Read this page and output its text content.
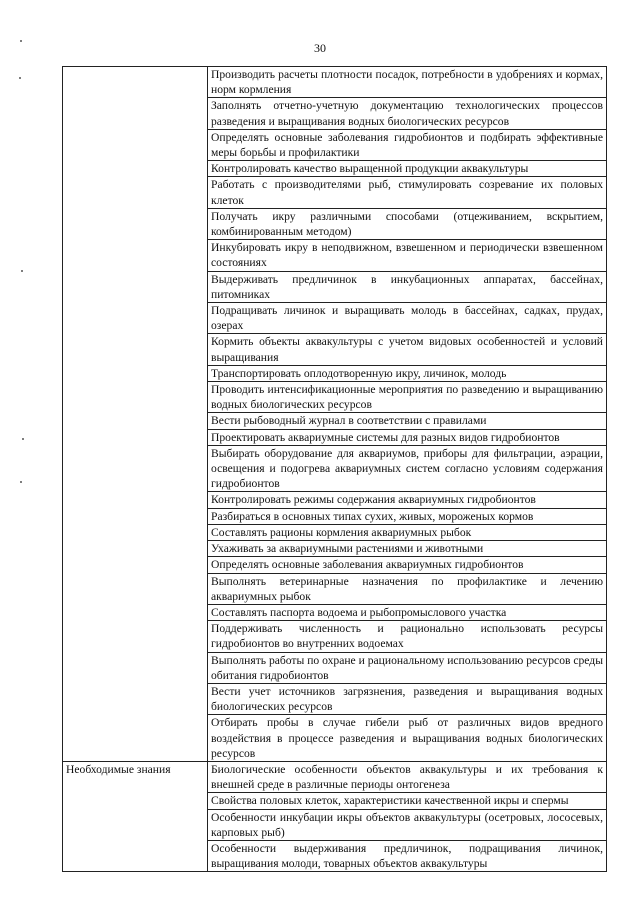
30
	Производить расчеты плотности посадок, потребности в удобрениях и кормах, норм кормления
	Заполнять отчетно-учетную документацию технологических процессов разведения и выращивания водных биологических ресурсов
	Определять основные заболевания гидробионтов и подбирать эффективные меры борьбы и профилактики
	Контролировать качество выращенной продукции аквакультуры
	Работать с производителями рыб, стимулировать созревание их половых клеток
	Получать икру различными способами (отцеживанием, вскрытием, комбинированным методом)
	Инкубировать икру в неподвижном, взвешенном и периодически взвешенном состояниях
	Выдерживать предличинок в инкубационных аппаратах, бассейнах, питомниках
	Подращивать личинок и выращивать молодь в бассейнах, садках, прудах, озерах
	Кормить объекты аквакультуры с учетом видовых особенностей и условий выращивания
	Транспортировать оплодотворенную икру, личинок, молодь
	Проводить интенсификационные мероприятия по разведению и выращиванию водных биологических ресурсов
	Вести рыбоводный журнал в соответствии с правилами
	Проектировать аквариумные системы для разных видов гидробионтов
	Выбирать оборудование для аквариумов, приборы для фильтрации, аэрации, освещения и подогрева аквариумных систем согласно условиям содержания гидробионтов
	Контролировать режимы содержания аквариумных гидробионтов
	Разбираться в основных типах сухих, живых, мороженых кормов
	Составлять рационы кормления аквариумных рыбок
	Ухаживать за аквариумными растениями и животными
	Определять основные заболевания аквариумных гидробионтов
	Выполнять ветеринарные назначения по профилактике и лечению аквариумных рыбок
	Составлять паспорта водоема и рыбопромыслового участка
	Поддерживать численность и рационально использовать ресурсы гидробионтов во внутренних водоемах
	Выполнять работы по охране и рациональному использованию ресурсов среды обитания гидробионтов
	Вести учет источников загрязнения, разведения и выращивания водных биологических ресурсов
	Отбирать пробы в случае гибели рыб от различных видов вредного воздействия в процессе разведения и выращивания водных биологических ресурсов
Необходимые знания	Биологические особенности объектов аквакультуры и их требования к внешней среде в различные периоды онтогенеза
	Свойства половых клеток, характеристики качественной икры и спермы
	Особенности инкубации икры объектов аквакультуры (осетровых, лососевых, карповых рыб)
	Особенности выдерживания предличинок, подращивания личинок, выращивания молоди, товарных объектов аквакультуры
